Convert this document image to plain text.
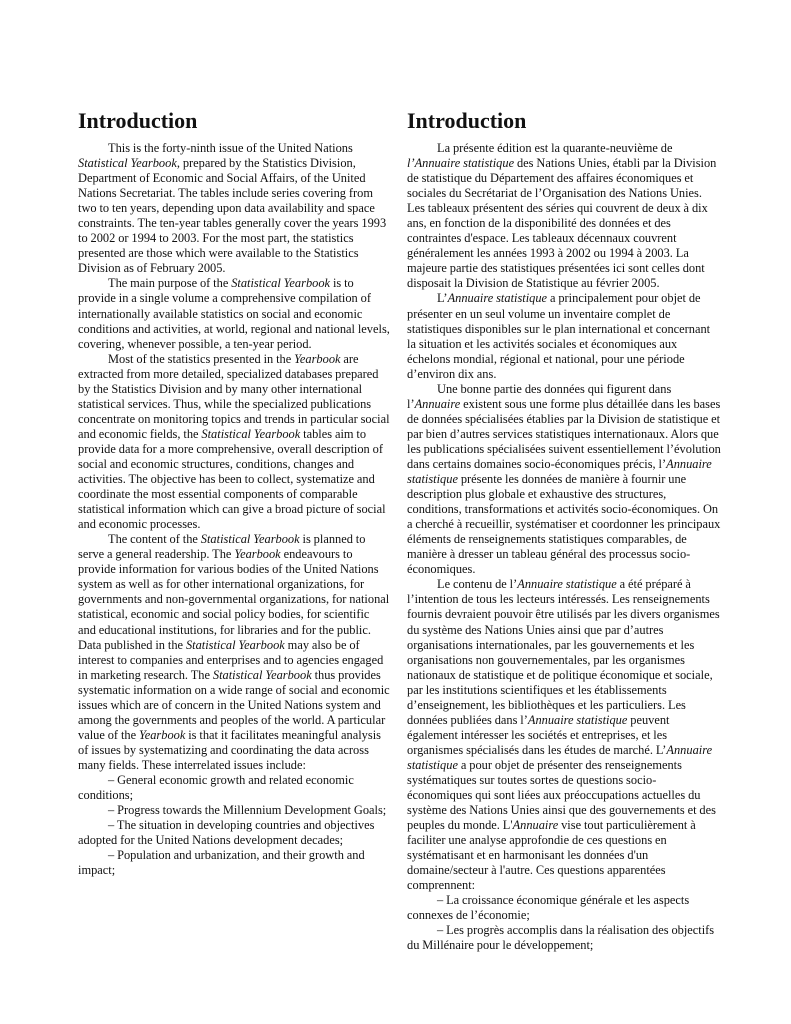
Introduction

This is the forty-ninth issue of the United Nations Statistical Yearbook, prepared by the Statistics Division, Department of Economic and Social Affairs, of the United Nations Secretariat. The tables include series covering from two to ten years, depending upon data availability and space constraints. The ten-year tables generally cover the years 1993 to 2002 or 1994 to 2003. For the most part, the statistics presented are those which were available to the Statistics Division as of February 2005.

The main purpose of the Statistical Yearbook is to provide in a single volume a comprehensive compilation of internationally available statistics on social and economic conditions and activities, at world, regional and national levels, covering, whenever possible, a ten-year period.

Most of the statistics presented in the Yearbook are extracted from more detailed, specialized databases prepared by the Statistics Division and by many other international statistical services. Thus, while the specialized publications concentrate on monitoring topics and trends in particular social and economic fields, the Statistical Yearbook tables aim to provide data for a more comprehensive, overall description of social and economic structures, conditions, changes and activities. The objective has been to collect, systematize and coordinate the most essential components of comparable statistical information which can give a broad picture of social and economic processes.

The content of the Statistical Yearbook is planned to serve a general readership. The Yearbook endeavours to provide information for various bodies of the United Nations system as well as for other international organizations, for governments and non-governmental organizations, for national statistical, economic and social policy bodies, for scientific and educational institutions, for libraries and for the public. Data published in the Statistical Yearbook may also be of interest to companies and enterprises and to agencies engaged in marketing research. The Statistical Yearbook thus provides systematic information on a wide range of social and economic issues which are of concern in the United Nations system and among the governments and peoples of the world. A particular value of the Yearbook is that it facilitates meaningful analysis of issues by systematizing and coordinating the data across many fields. These interrelated issues include:

– General economic growth and related economic conditions;

– Progress towards the Millennium Development Goals;

– The situation in developing countries and objectives adopted for the United Nations development decades;

– Population and urbanization, and their growth and impact;

Introduction

La présente édition est la quarante-neuvième de l’Annuaire statistique des Nations Unies, établi par la Division de statistique du Département des affaires économiques et sociales du Secrétariat de l’Organisation des Nations Unies. Les tableaux présentent des séries qui couvrent de deux à dix ans, en fonction de la disponibilité des données et des contraintes d'espace. Les tableaux décennaux couvrent généralement les années 1993 à 2002 ou 1994 à 2003. La majeure partie des statistiques présentées ici sont celles dont disposait la Division de Statistique au février 2005.

L’Annuaire statistique a principalement pour objet de présenter en un seul volume un inventaire complet de statistiques disponibles sur le plan international et concernant la situation et les activités sociales et économiques aux échelons mondial, régional et national, pour une période d’environ dix ans.

Une bonne partie des données qui figurent dans l’Annuaire existent sous une forme plus détaillée dans les bases de données spécialisées établies par la Division de statistique et par bien d’autres services statistiques internationaux. Alors que les publications spécialisées suivent essentiellement l’évolution dans certains domaines socio-économiques précis, l’Annuaire statistique présente les données de manière à fournir une description plus globale et exhaustive des structures, conditions, transformations et activités socio-économiques. On a cherché à recueillir, systématiser et coordonner les principaux éléments de renseignements statistiques comparables, de manière à dresser un tableau général des processus socio-économiques.

Le contenu de l’Annuaire statistique a été préparé à l’intention de tous les lecteurs intéressés. Les renseignements fournis devraient pouvoir être utilisés par les divers organismes du système des Nations Unies ainsi que par d’autres organisations internationales, par les gouvernements et les organisations non gouvernementales, par les organismes nationaux de statistique et de politique économique et sociale, par les institutions scientifiques et les établissements d’enseignement, les bibliothèques et les particuliers. Les données publiées dans l’Annuaire statistique peuvent également intéresser les sociétés et entreprises, et les organismes spécialisés dans les études de marché. L’Annuaire statistique a pour objet de présenter des renseignements systématiques sur toutes sortes de questions socio-économiques qui sont liées aux préoccupations actuelles du système des Nations Unies ainsi que des gouvernements et des peuples du monde. L'Annuaire vise tout particulièrement à faciliter une analyse approfondie de ces questions en systématisant et en harmonisant les données d'un domaine/secteur à l'autre. Ces questions apparentées comprennent:

– La croissance économique générale et les aspects connexes de l’économie;

– Les progrès accomplis dans la réalisation des objectifs du Millénaire pour le développement;
